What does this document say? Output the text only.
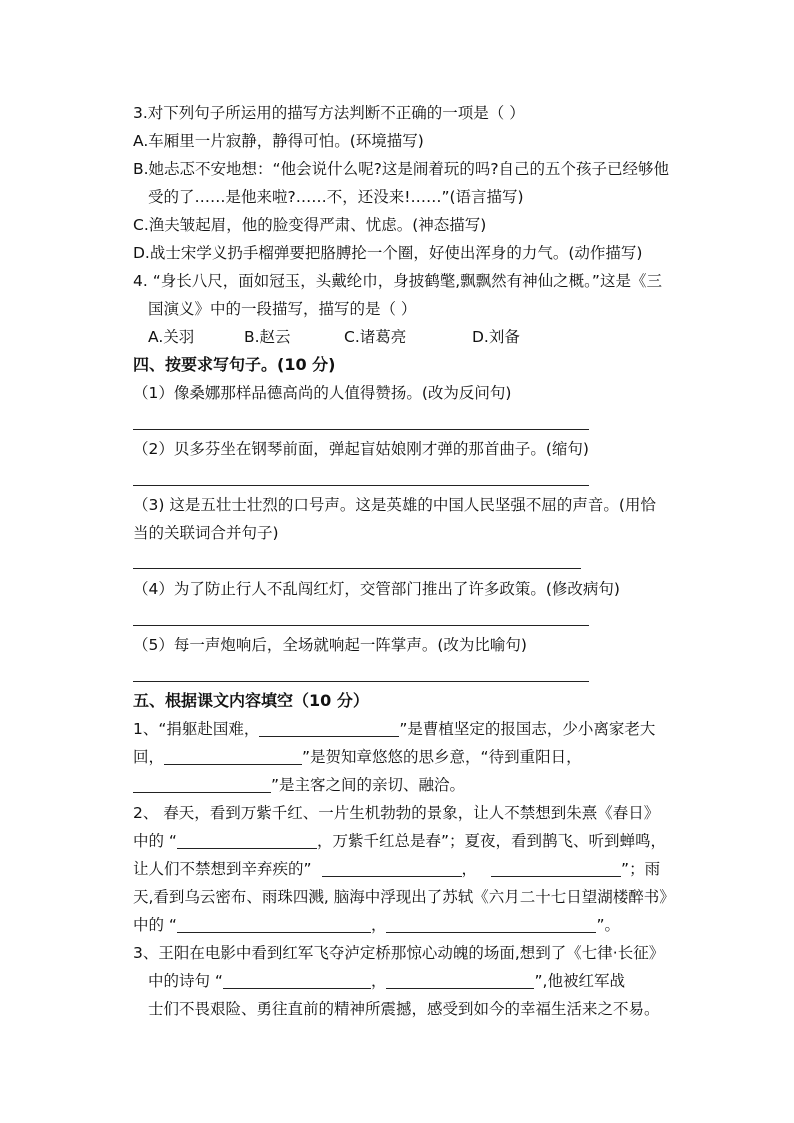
3.对下列句子所运用的描写方法判断不正确的一项是（ ）
A.车厢里一片寂静，静得可怕。(环境描写)
B.她忐忑不安地想：“他会说什么呢?这是闹着玩的吗?自己的五个孩子已经够他
受的了……是他来啦?……不，还没来!……”(语言描写)
C.渔夫皱起眉，他的脸变得严肃、忧虑。(神态描写)
D.战士宋学义扔手榴弹要把胳膊抡一个圈，好使出浑身的力气。(动作描写)
4. “身长八尺，面如冠玉，头戴纶巾，身披鹤氅,飘飘然有神仙之概。”这是《三
国演义》中的一段描写，描写的是（ ）
A.关羽	B.赵云	C.诸葛亮	D.刘备
四、按要求写句子。(10 分)
（1）像桑娜那样品德高尚的人值得赞扬。(改为反问句)
（2）贝多芬坐在钢琴前面，弹起盲姑娘刚才弹的那首曲子。(缩句)
（3) 这是五壮士壮烈的口号声。这是英雄的中国人民坚强不屈的声音。(用恰
当的关联词合并句子)
（4）为了防止行人不乱闯红灯，交管部门推出了许多政策。(修改病句)
（5）每一声炮响后，全场就响起一阵掌声。(改为比喻句)
五、根据课文内容填空（10 分）
1、“捐躯赴国难，	”是曹植坚定的报国志，少小离家老大
回，	”是贺知章悠悠的思乡意，“待到重阳日，
”是主客之间的亲切、融洽。
2、 春天，看到万紫千红、一片生机勃勃的景象，让人不禁想到朱熹《春日》
中的 “	，万紫千红总是春”；夏夜，看到鹊飞、听到蝉鸣，
让人们不禁想到辛弃疾的”	，	”；雨
天,看到乌云密布、雨珠四溅, 脑海中浮现出了苏轼《六月二十七日望湖楼醉书》
中的 “	，	”。
3、王阳在电影中看到红军飞夺泸定桥那惊心动魄的场面,想到了《七律·长征》
中的诗句 “	，	”,他被红军战
士们不畏艰险、勇往直前的精神所震撼，感受到如今的幸福生活来之不易。
